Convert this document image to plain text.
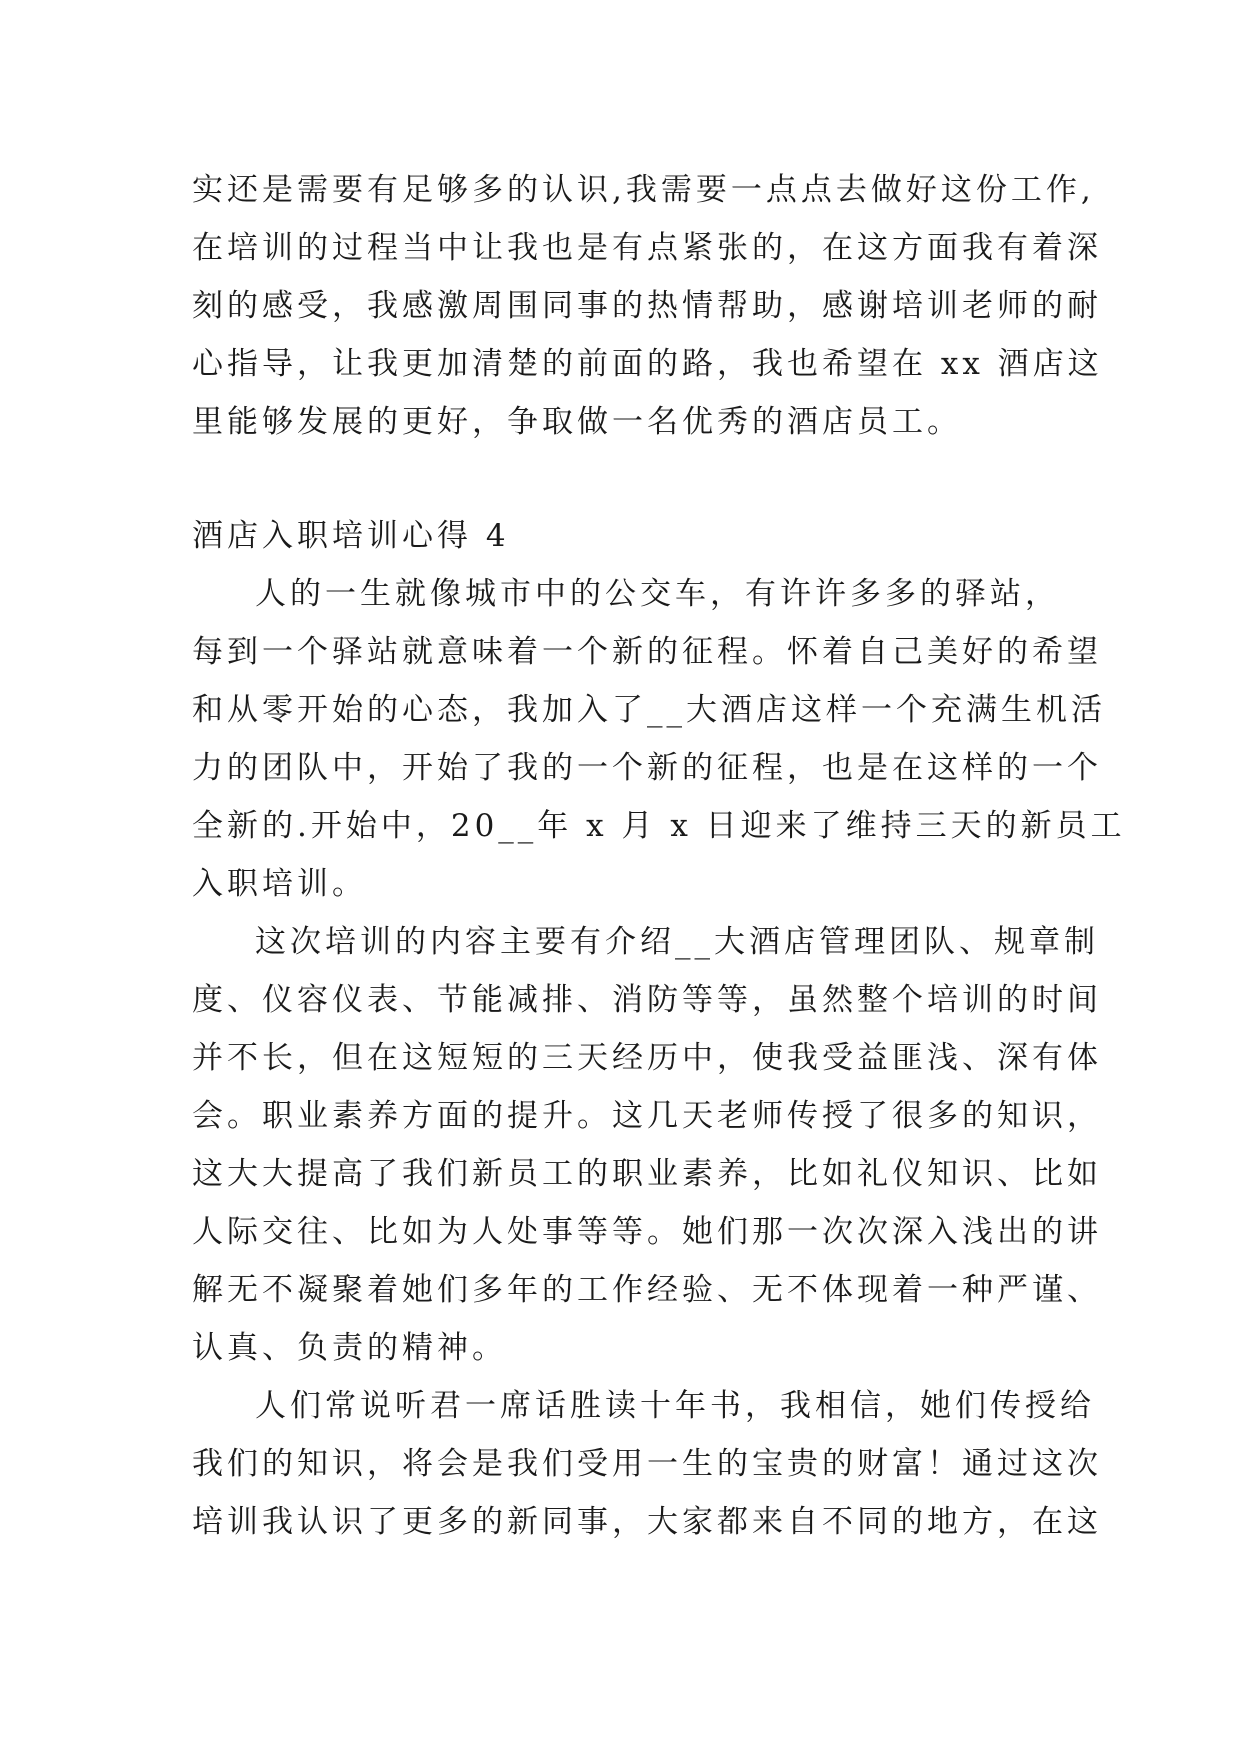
实还是需要有足够多的认识,我需要一点点去做好这份工作,
在培训的过程当中让我也是有点紧张的，在这方面我有着深
刻的感受，我感激周围同事的热情帮助，感谢培训老师的耐
心指导，让我更加清楚的前面的路，我也希望在 xx 酒店这
里能够发展的更好，争取做一名优秀的酒店员工。
酒店入职培训心得 4
人的一生就像城市中的公交车，有许许多多的驿站，
每到一个驿站就意味着一个新的征程。怀着自己美好的希望
和从零开始的心态，我加入了__大酒店这样一个充满生机活
力的团队中，开始了我的一个新的征程，也是在这样的一个
全新的.开始中，20__年 x 月 x 日迎来了维持三天的新员工
入职培训。
这次培训的内容主要有介绍__大酒店管理团队、规章制
度、仪容仪表、节能减排、消防等等，虽然整个培训的时间
并不长，但在这短短的三天经历中，使我受益匪浅、深有体
会。职业素养方面的提升。这几天老师传授了很多的知识，
这大大提高了我们新员工的职业素养，比如礼仪知识、比如
人际交往、比如为人处事等等。她们那一次次深入浅出的讲
解无不凝聚着她们多年的工作经验、无不体现着一种严谨、
认真、负责的精神。
人们常说听君一席话胜读十年书，我相信，她们传授给
我们的知识，将会是我们受用一生的宝贵的财富！通过这次
培训我认识了更多的新同事，大家都来自不同的地方，在这
